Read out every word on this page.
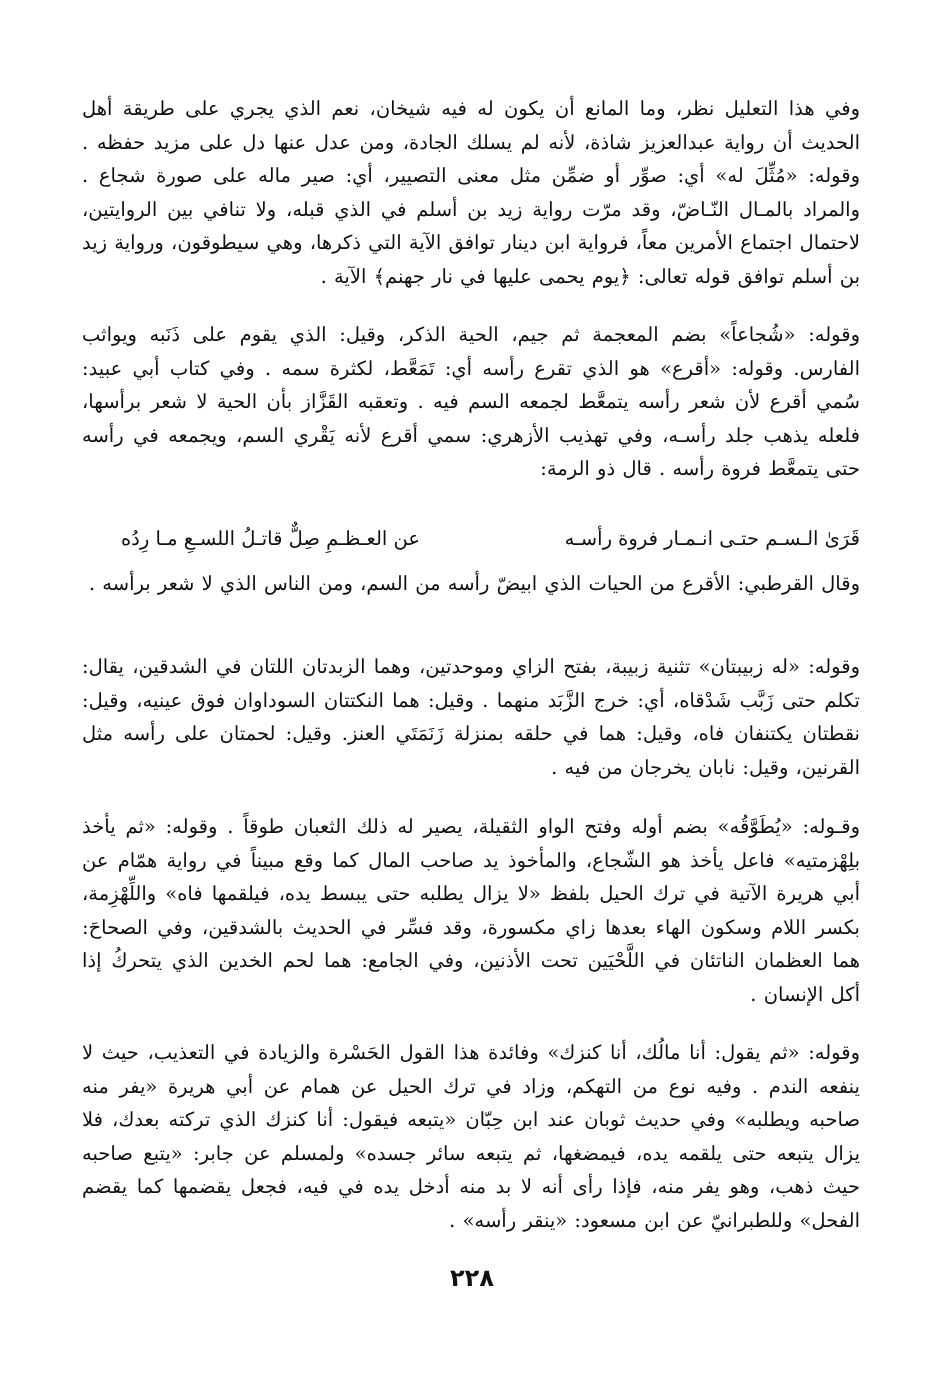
وفي هذا التعليل نظر، وما المانع أن يكون له فيه شيخان، نعم الذي يجري على طريقة أهل الحديث أن رواية عبدالعزيز شاذة، لأنه لم يسلك الجادة، ومن عدل عنها دل على مزيد حفظه . وقوله: «مُثِّلَ له» أي: صوِّر أو ضمِّن مثل معنى التصيير، أي: صير ماله على صورة شجاع . والمراد بالمـال النّـاضّ، وقد مرّت رواية زيد بن أسلم في الذي قبله، ولا تنافي بين الروايتين، لاحتمال اجتماع الأمرين معاً، فرواية ابن دينار توافق الآية التي ذكرها، وهي سيطوقون، ورواية زيد بن أسلم توافق قوله تعالى: ﴿يوم يحمى عليها في نار جهنم﴾ الآية .

وقوله: «شُجاعاً» بضم المعجمة ثم جيم، الحية الذكر، وقيل: الذي يقوم على ذَنَبه ويواثب الفارس. وقوله: «أقرع» هو الذي تقرع رأسه أي: تَمَعَّط، لكثرة سمه . وفي كتاب أبي عبيد: سُمي أقرع لأن شعر رأسه يتمعَّط لجمعه السم فيه . وتعقبه القَزَّاز بأن الحية لا شعر برأسها، فلعله يذهب جلد رأسـه، وفي تهذيب الأزهري: سمي أقرع لأنه يَقْري السم، ويجمعه في رأسه حتى يتمعَّط فروة رأسه . قال ذو الرمة:

قَرَىٰ الـسـم حتـى انـمـار فروة رأسـه
عن العـظـمِ صِلٌّ قاتـلُ اللسـعِ مـا رِدُه

وقال القرطبي: الأقرع من الحيات الذي ابيضّ رأسه من السم، ومن الناس الذي لا شعر برأسه .

وقوله: «له زبيبتان» تثنية زبيبة، بفتح الزاي وموحدتين، وهما الزبدتان اللتان في الشدقين، يقال: تكلم حتى زَبَّب شَدْقاه، أي: خرج الزَّبَد منهما . وقيل: هما النكتتان السوداوان فوق عينيه، وقيل: نقطتان يكتنفان فاه، وقيل: هما في حلقه بمنزلة زَنَمَتَي العنز. وقيل: لحمتان على رأسه مثل القرنين، وقيل: نابان يخرجان من فيه .

وقـوله: «يُطَوَّقُه» بضم أوله وفتح الواو الثقيلة، يصير له ذلك الثعبان طوقاً . وقوله: «ثم يأخذ بلِهْزمتيه» فاعل يأخذ هو الشّجاع، والمأخوذ يد صاحب المال كما وقع مبيناً في رواية همّام عن أبي هريرة الآتية في ترك الحيل بلفظ «لا يزال يطلبه حتى يبسط يده، فيلقمها فاه» واللِّهْزِمة، بكسر اللام وسكون الهاء بعدها زاي مكسورة، وقد فسِّر في الحديث بالشدقين، وفي الصحاحَ: هما العظمان الناتئان في اللَّحْيَين تحت الأذنين، وفي الجامع: هما لحم الخدين الذي يتحركُ إذا أكل الإنسان .

وقوله: «ثم يقول: أنا مالُك، أنا كنزك» وفائدة هذا القول الحَسْرة والزيادة في التعذيب، حيث لا ينفعه الندم . وفيه نوع من التهكم، وزاد في ترك الحيل عن همام عن أبي هريرة «يفر منه صاحبه ويطلبه» وفي حديث ثوبان عند ابن حِبّان «يتبعه فيقول: أنا كنزك الذي تركته بعدك، فلا يزال يتبعه حتى يلقمه يده، فيمضغها، ثم يتبعه سائر جسده» ولمسلم عن جابر: «يتبع صاحبه حيث ذهب، وهو يفر منه، فإذا رأى أنه لا بد منه أدخل يده في فيه، فجعل يقضمها كما يقضم الفحل» وللطبرانيّ عن ابن مسعود: «ينقر رأسه» .

٢٢٨
